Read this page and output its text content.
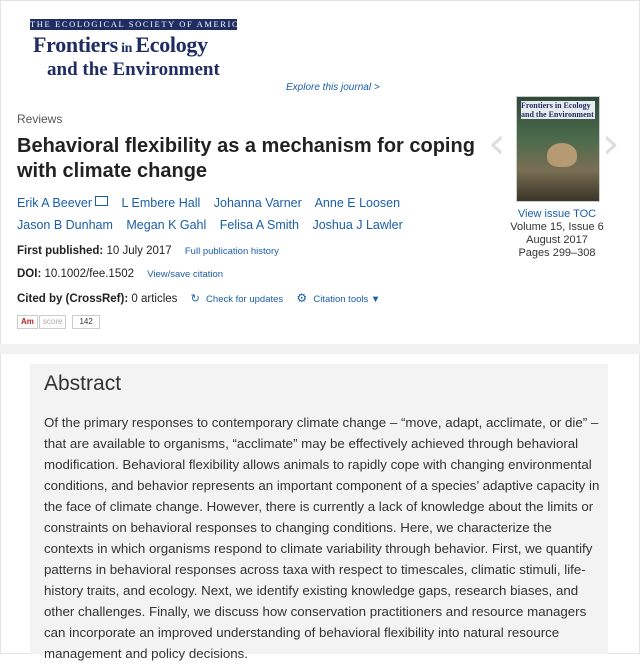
THE ECOLOGICAL SOCIETY OF AMERICA
Frontiers in Ecology
and the Environment
Explore this journal >
Reviews
Behavioral flexibility as a mechanism for coping with climate change
Erik A Beever L Embere Hall Johanna Varner Anne E Loosen
Jason B Dunham Megan K Gahl Felisa A Smith Joshua J Lawler
First published: 10 July 2017 Full publication history
DOI: 10.1002/fee.1502 View/save citation
Cited by (CrossRef): 0 articles ↻ Check for updates ⚙ Citation tools ▼
Am	score	142
‹
Frontiers in Ecology
and the Environment
›
View issue TOC
Volume 15, Issue 6
August 2017
Pages 299–308
Abstract
Of the primary responses to contemporary climate change – “move, adapt, acclimate, or die” – that are available to organisms, “acclimate” may be effectively achieved through behavioral modification. Behavioral flexibility allows animals to rapidly cope with changing environmental conditions, and behavior represents an important component of a species’ adaptive capacity in the face of climate change. However, there is currently a lack of knowledge about the limits or constraints on behavioral responses to changing conditions. Here, we characterize the contexts in which organisms respond to climate variability through behavior. First, we quantify patterns in behavioral responses across taxa with respect to timescales, climatic stimuli, life-history traits, and ecology. Next, we identify existing knowledge gaps, research biases, and other challenges. Finally, we discuss how conservation practitioners and resource managers can incorporate an improved understanding of behavioral flexibility into natural resource management and policy decisions.
